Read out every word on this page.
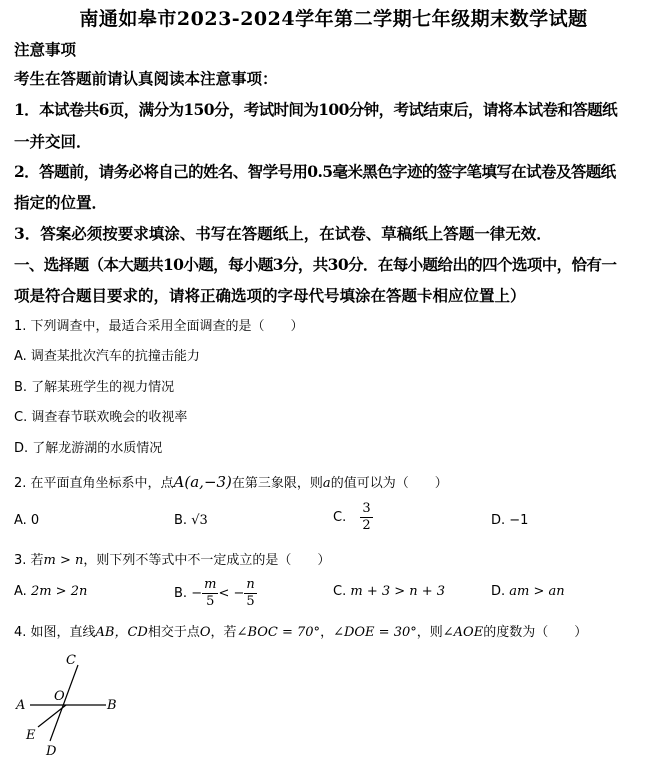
南通如皋市2023-2024学年第二学期七年级期末数学试题
注意事项
考生在答题前请认真阅读本注意事项：
1．本试卷共6页，满分为150分，考试时间为100分钟，考试结束后，请将本试卷和答题纸
一并交回．
2．答题前，请务必将自己的姓名、智学号用0.5毫米黑色字迹的签字笔填写在试卷及答题纸
指定的位置．
3．答案必须按要求填涂、书写在答题纸上，在试卷、草稿纸上答题一律无效．
一、选择题（本大题共10小题，每小题3分，共30分．在每小题给出的四个选项中，恰有一
项是符合题目要求的，请将正确选项的字母代号填涂在答题卡相应位置上）
1. 下列调查中，最适合采用全面调查的是（　　）
A. 调查某批次汽车的抗撞击能力
B. 了解某班学生的视力情况
C. 调查春节联欢晚会的收视率
D. 了解龙游湖的水质情况
2. 在平面直角坐标系中，点A(a,−3)在第三象限，则a的值可以为（　　）
A. 0	B. √3	C. $\frac{3}{2}$	D. −1
3. 若m > n，则下列不等式中不一定成立的是（　　）
A. 2m > 2n	B. − $\frac{m}{5}$ < − $\frac{n}{5}$	C. m + 3 > n + 3	D. am > an
4. 如图，直线AB，CD相交于点O，若∠BOC = 70°，∠DOE = 30°，则∠AOE的度数为（　　）
C
O
A	B
E
D
